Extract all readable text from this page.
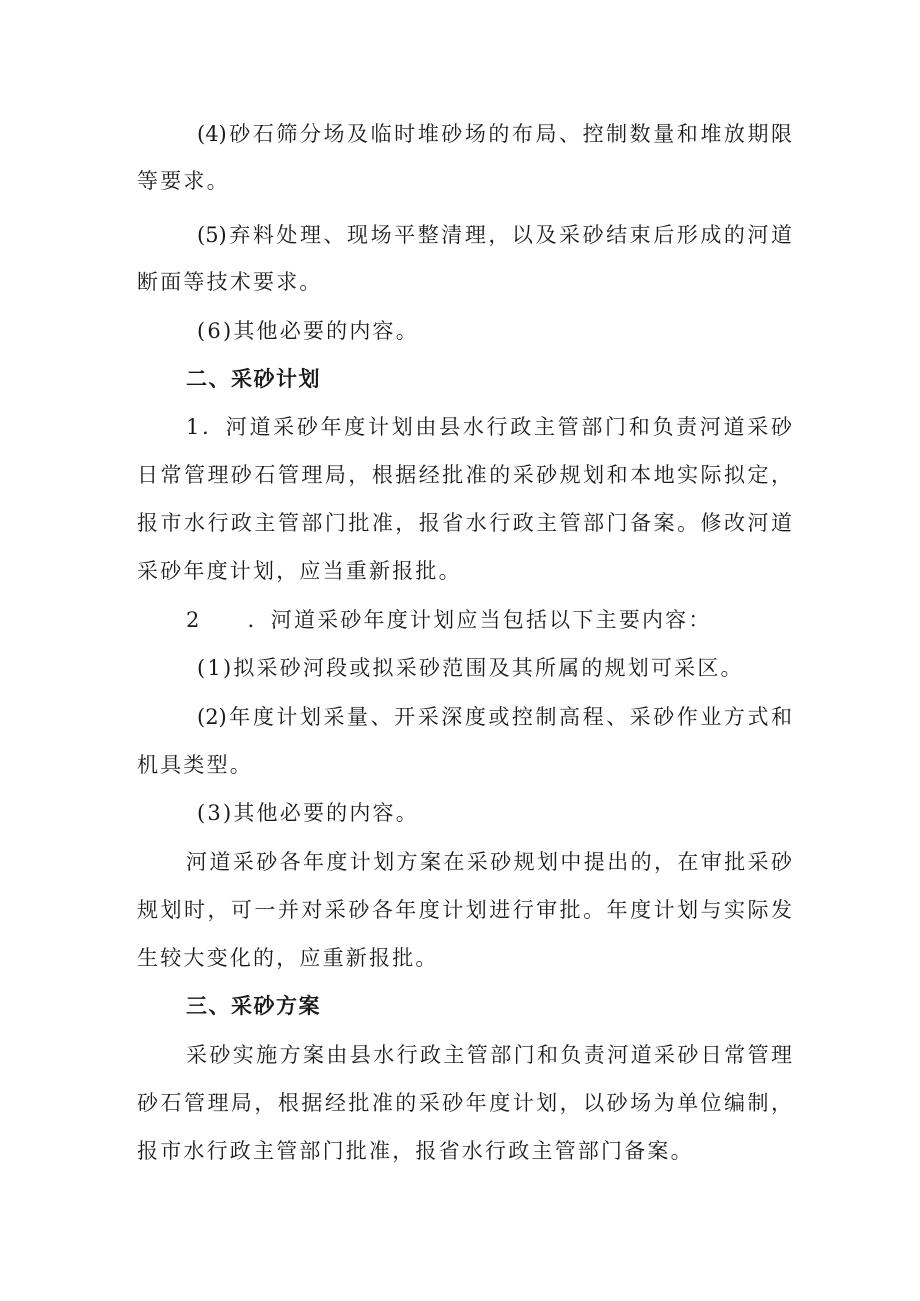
(4)砂石筛分场及临时堆砂场的布局、控制数量和堆放期限
等要求。
(5)弃料处理、现场平整清理，以及采砂结束后形成的河道
断面等技术要求。
(6)其他必要的内容。
二、采砂计划
1．河道采砂年度计划由县水行政主管部门和负责河道采砂
日常管理砂石管理局，根据经批准的采砂规划和本地实际拟定，
报市水行政主管部门批准，报省水行政主管部门备案。修改河道
采砂年度计划，应当重新报批。
2 ．河道采砂年度计划应当包括以下主要内容：
(1)拟采砂河段或拟采砂范围及其所属的规划可采区。
(2)年度计划采量、开采深度或控制高程、采砂作业方式和
机具类型。
(3)其他必要的内容。
河道采砂各年度计划方案在采砂规划中提出的，在审批采砂
规划时，可一并对采砂各年度计划进行审批。年度计划与实际发
生较大变化的，应重新报批。
三、采砂方案
采砂实施方案由县水行政主管部门和负责河道采砂日常管理
砂石管理局，根据经批准的采砂年度计划，以砂场为单位编制，
报市水行政主管部门批准，报省水行政主管部门备案。
